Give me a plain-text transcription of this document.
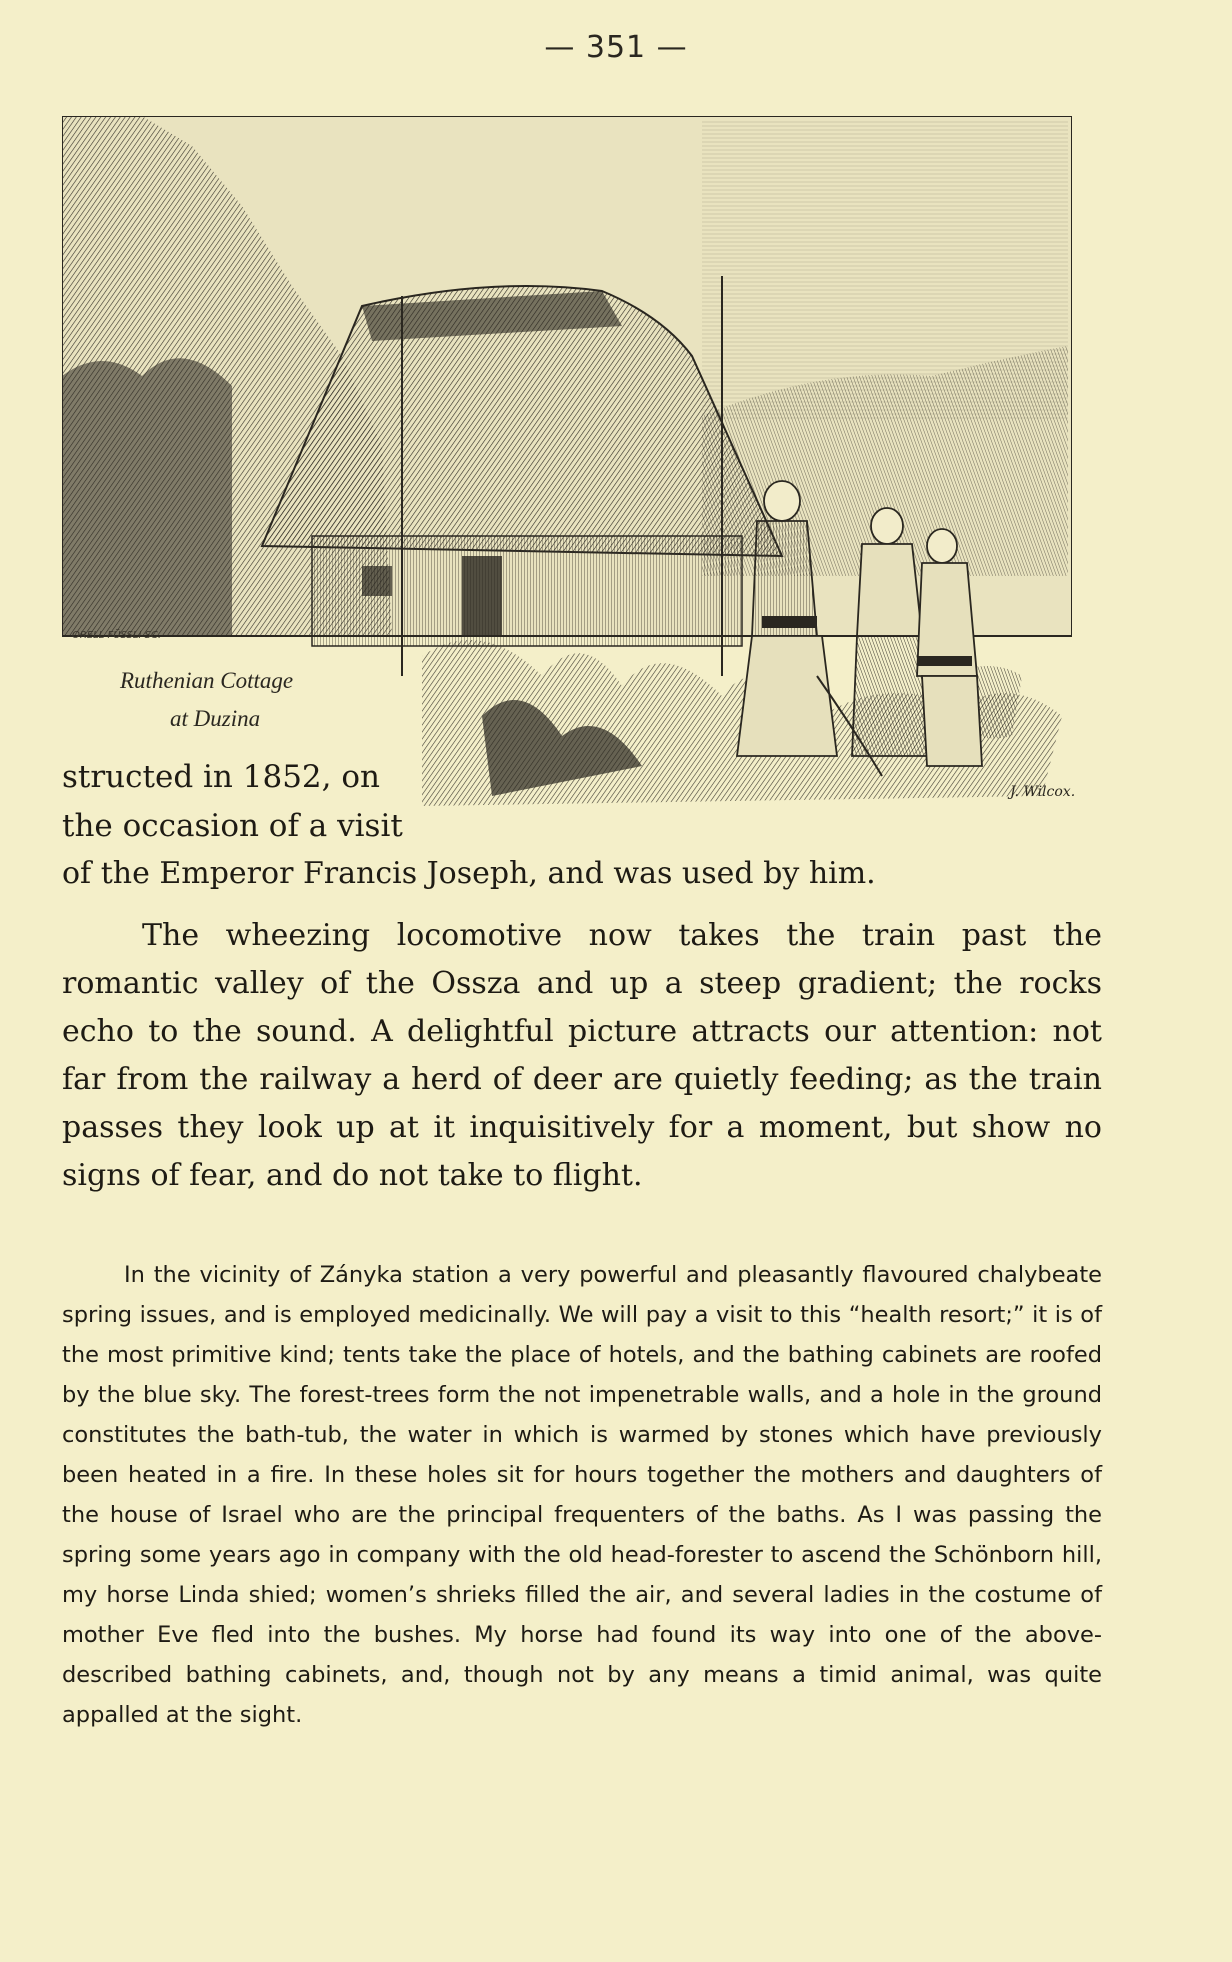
— 351 —
ORELL FÜSSLI SC.
J. Wilcox.
Ruthenian Cottage
at Duzina
structed in 1852, on
the occasion of a visit
of the Emperor Francis Joseph, and was used by him.

The wheezing locomotive now takes the train past the romantic valley of the Ossza and up a steep gradient; the rocks echo to the sound. A delightful picture attracts our attention: not far from the railway a herd of deer are quietly feeding; as the train passes they look up at it inquisitively for a moment, but show no signs of fear, and do not take to flight.

In the vicinity of Zányka station a very powerful and pleasantly flavoured chalybeate spring issues, and is employed medicinally. We will pay a visit to this “health resort;” it is of the most primitive kind; tents take the place of hotels, and the bathing cabinets are roofed by the blue sky. The forest-trees form the not impenetrable walls, and a hole in the ground constitutes the bath-tub, the water in which is warmed by stones which have previously been heated in a fire. In these holes sit for hours together the mothers and daughters of the house of Israel who are the principal frequenters of the baths. As I was passing the spring some years ago in company with the old head-forester to ascend the Schönborn hill, my horse Linda shied; women’s shrieks filled the air, and several ladies in the costume of mother Eve fled into the bushes. My horse had found its way into one of the above-described bathing cabinets, and, though not by any means a timid animal, was quite appalled at the sight.
